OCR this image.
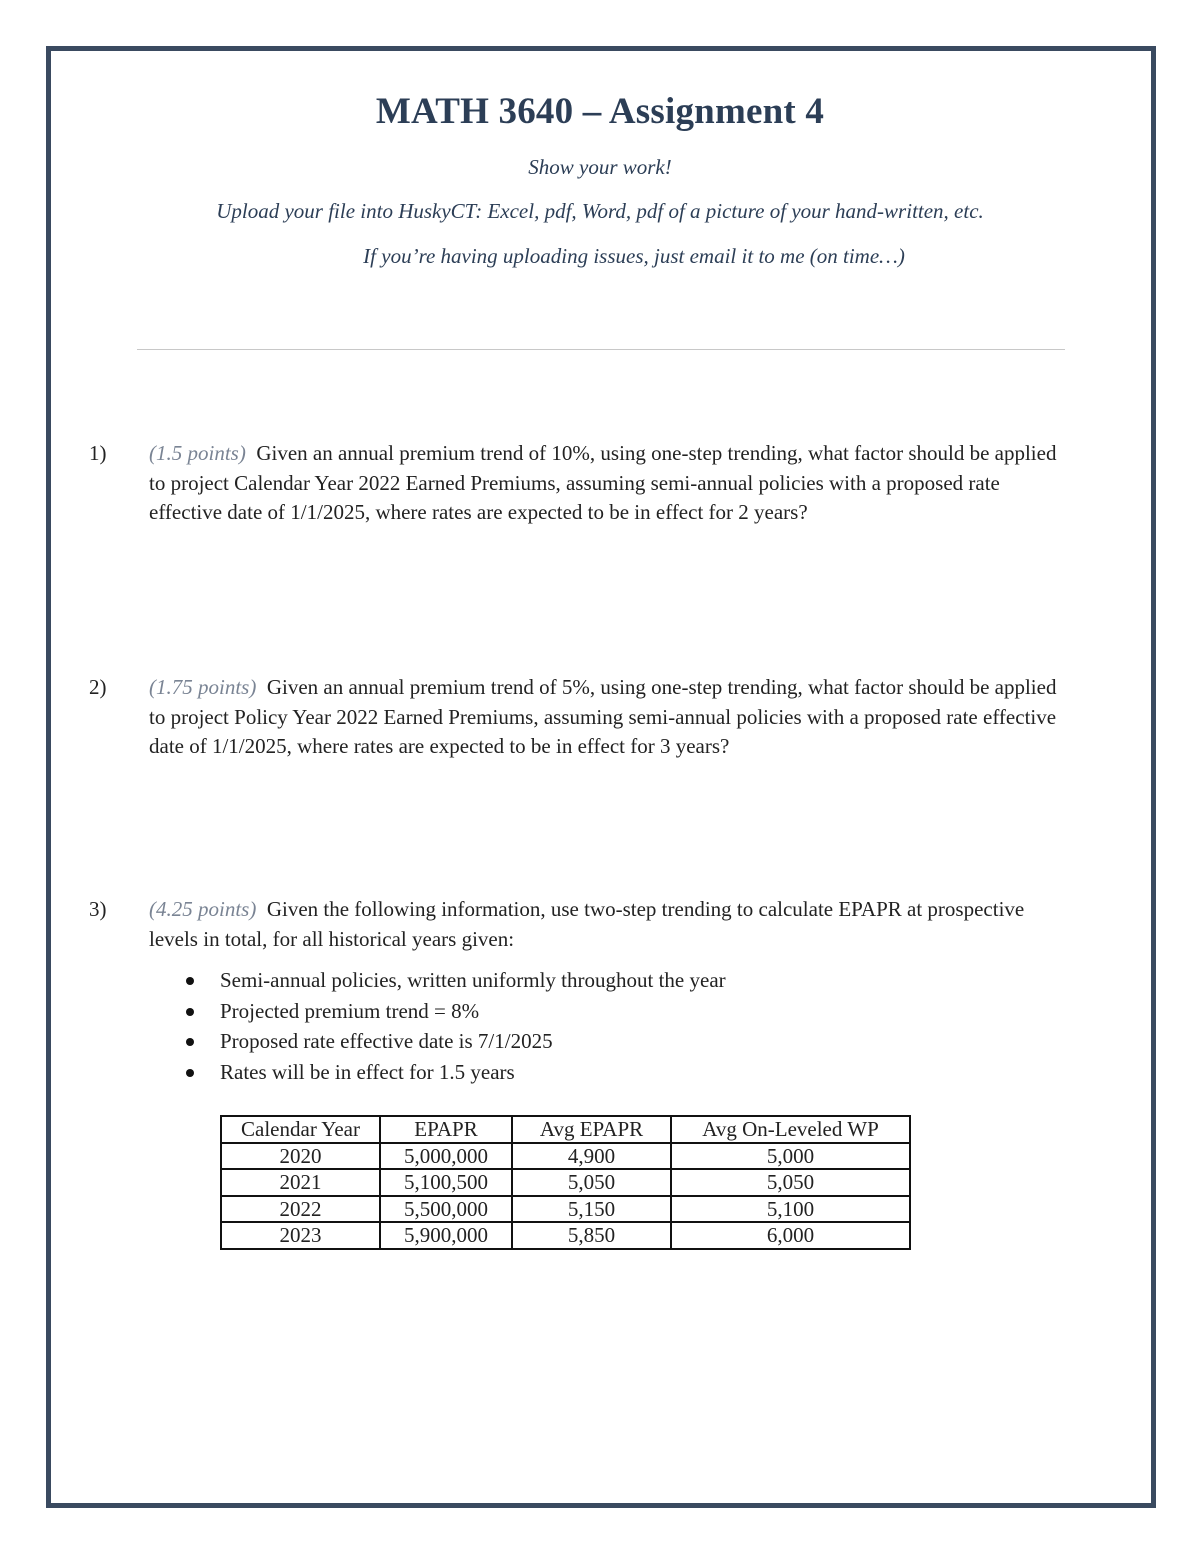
MATH 3640 – Assignment 4
Show your work!
Upload your file into HuskyCT: Excel, pdf, Word, pdf of a picture of your hand-written, etc.
If you’re having uploading issues, just email it to me (on time…)
1) (1.5 points) Given an annual premium trend of 10%, using one-step trending, what factor should be applied to project Calendar Year 2022 Earned Premiums, assuming semi-annual policies with a proposed rate effective date of 1/1/2025, where rates are expected to be in effect for 2 years?
2) (1.75 points) Given an annual premium trend of 5%, using one-step trending, what factor should be applied to project Policy Year 2022 Earned Premiums, assuming semi-annual policies with a proposed rate effective date of 1/1/2025, where rates are expected to be in effect for 3 years?
3) (4.25 points) Given the following information, use two-step trending to calculate EPAPR at prospective levels in total, for all historical years given:
Semi-annual policies, written uniformly throughout the year
Projected premium trend = 8%
Proposed rate effective date is 7/1/2025
Rates will be in effect for 1.5 years
Calendar Year	EPAPR	Avg EPAPR	Avg On-Leveled WP
2020	5,000,000	4,900	5,000
2021	5,100,500	5,050	5,050
2022	5,500,000	5,150	5,100
2023	5,900,000	5,850	6,000
